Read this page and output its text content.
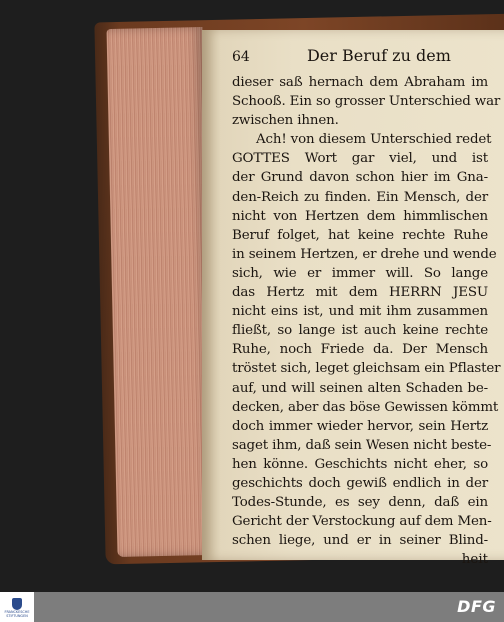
64	Der Beruf zu dem
dieser saß hernach dem Abraham im
Schooß. Ein so grosser Unterschied war
zwischen ihnen.
Ach! von diesem Unterschied redet
GOTTES Wort gar viel, und ist
der Grund davon schon hier im Gna-
den-Reich zu finden. Ein Mensch, der
nicht von Hertzen dem himmlischen
Beruf folget, hat keine rechte Ruhe
in seinem Hertzen, er drehe und wende
sich, wie er immer will. So lange
das Hertz mit dem HERRN JESU
nicht eins ist, und mit ihm zusammen
fließt, so lange ist auch keine rechte
Ruhe, noch Friede da. Der Mensch
tröstet sich, leget gleichsam ein Pflaster
auf, und will seinen alten Schaden be-
decken, aber das böse Gewissen kömmt
doch immer wieder hervor, sein Hertz
saget ihm, daß sein Wesen nicht beste-
hen könne. Geschichts nicht eher, so
geschichts doch gewiß endlich in der
Todes-Stunde, es sey denn, daß ein
Gericht der Verstockung auf dem Men-
schen liege, und er in seiner Blind-
heit
FRANCKESCHE STIFTUNGEN	DFG
